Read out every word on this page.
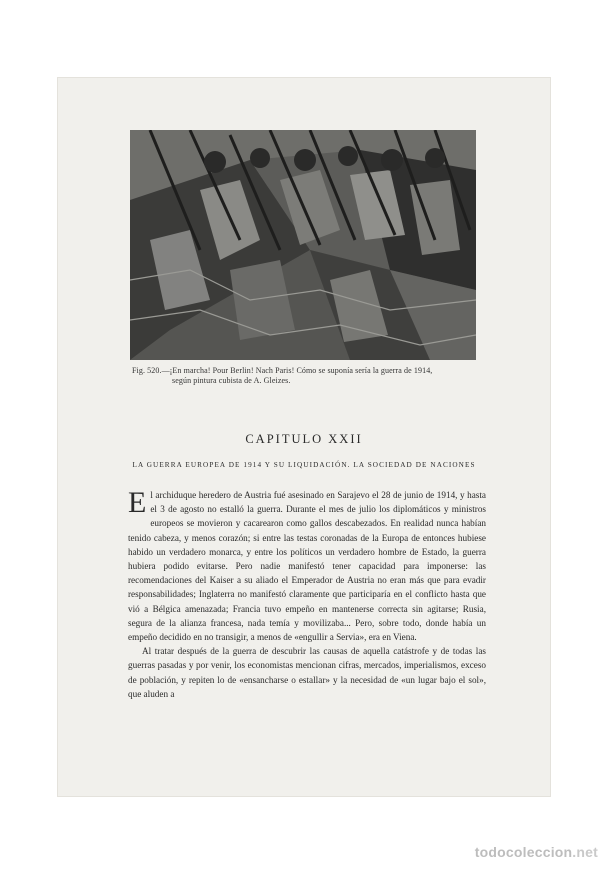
Fig. 520.—¡En marcha! Pour Berlin! Nach Paris! Cómo se suponía sería la guerra de 1914,
según pintura cubista de A. Gleizes.
CAPITULO XXII
LA GUERRA EUROPEA DE 1914 Y SU LIQUIDACIÓN. LA SOCIEDAD DE NACIONES

El archiduque heredero de Austria fué asesinado en Sarajevo el 28 de junio de 1914, y hasta el 3 de agosto no estalló la guerra. Durante el mes de julio los diplomáticos y ministros europeos se movieron y cacarearon como gallos descabezados. En realidad nunca habían tenido cabeza, y menos corazón; si entre las testas coronadas de la Europa de entonces hubiese habido un verdadero monarca, y entre los políticos un verdadero hombre de Estado, la guerra hubiera podido evitarse. Pero nadie manifestó tener capacidad para imponerse: las recomendaciones del Kaiser a su aliado el Emperador de Austria no eran más que para evadir responsabilidades; Inglaterra no manifestó claramente que participaría en el conflicto hasta que vió a Bélgica amenazada; Francia tuvo empeño en mantenerse correcta sin agitarse; Rusia, segura de la alianza francesa, nada temía y movilizaba... Pero, sobre todo, donde había un empeño decidido en no transigir, a menos de «engullir a Servia», era en Viena.

Al tratar después de la guerra de descubrir las causas de aquella catástrofe y de todas las guerras pasadas y por venir, los economistas mencionan cifras, mercados, imperialismos, exceso de población, y repiten lo de «ensancharse o estallar» y la necesidad de «un lugar bajo el sol», que aluden a

todocoleccion.net
